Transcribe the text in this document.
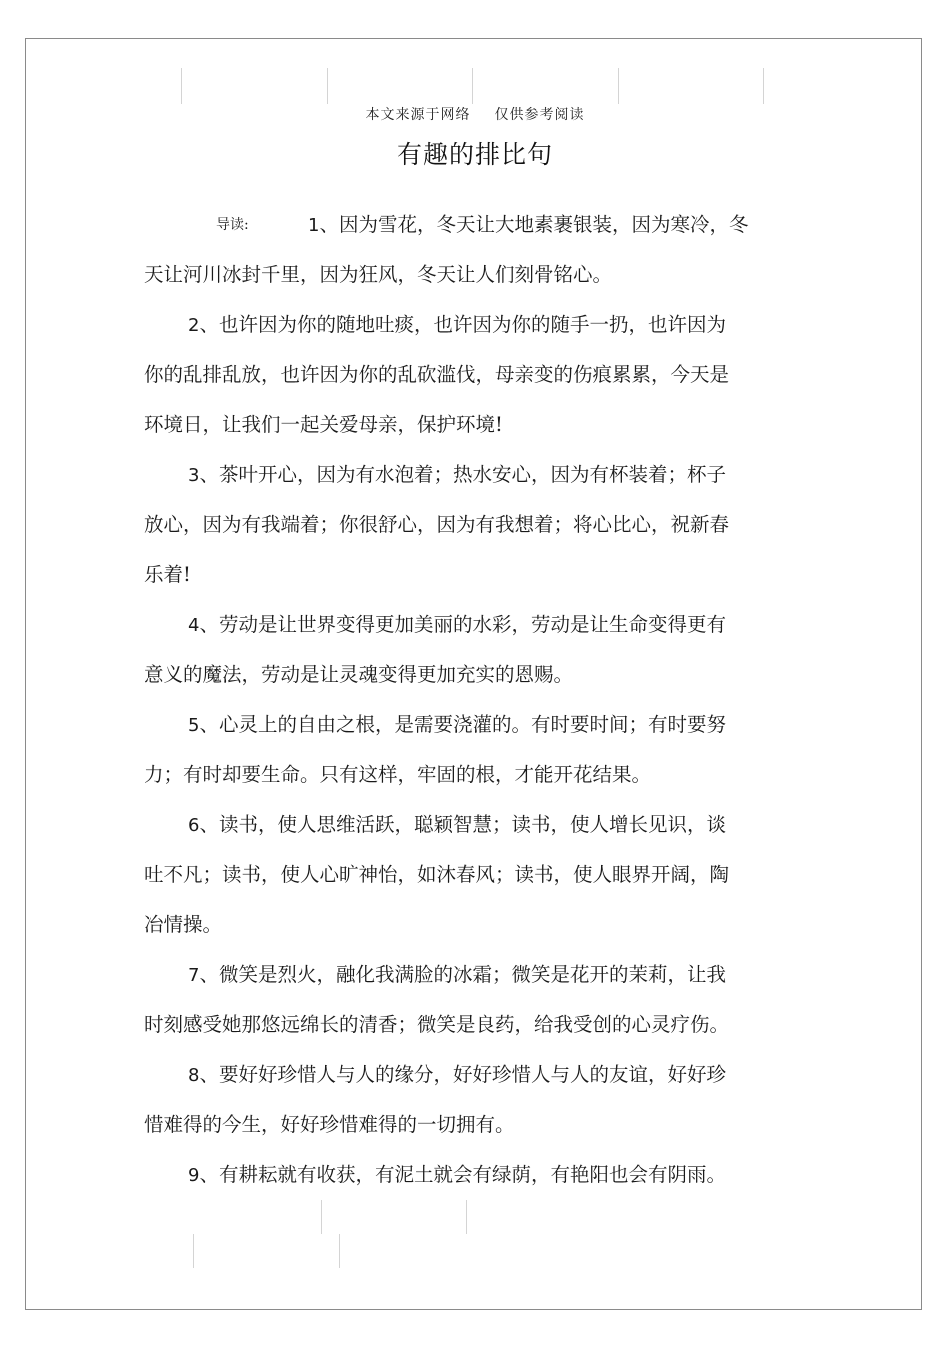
本文来源于网络 仅供参考阅读
有趣的排比句
导读:	1、因为雪花，冬天让大地素裹银装，因为寒冷，冬
天让河川冰封千里，因为狂风，冬天让人们刻骨铭心。
2、也许因为你的随地吐痰，也许因为你的随手一扔，也许因为
你的乱排乱放，也许因为你的乱砍滥伐，母亲变的伤痕累累，今天是
环境日，让我们一起关爱母亲，保护环境!
3、茶叶开心，因为有水泡着；热水安心，因为有杯装着；杯子
放心，因为有我端着；你很舒心，因为有我想着；将心比心，祝新春
乐着!
4、劳动是让世界变得更加美丽的水彩，劳动是让生命变得更有
意义的魔法，劳动是让灵魂变得更加充实的恩赐。
5、心灵上的自由之根，是需要浇灌的。有时要时间；有时要努
力；有时却要生命。只有这样，牢固的根，才能开花结果。
6、读书，使人思维活跃，聪颖智慧；读书，使人增长见识，谈
吐不凡；读书，使人心旷神怡，如沐春风；读书，使人眼界开阔，陶
冶情操。
7、微笑是烈火，融化我满脸的冰霜；微笑是花开的茉莉，让我
时刻感受她那悠远绵长的清香；微笑是良药，给我受创的心灵疗伤。
8、要好好珍惜人与人的缘分，好好珍惜人与人的友谊，好好珍
惜难得的今生，好好珍惜难得的一切拥有。
9、有耕耘就有收获，有泥土就会有绿荫，有艳阳也会有阴雨。
